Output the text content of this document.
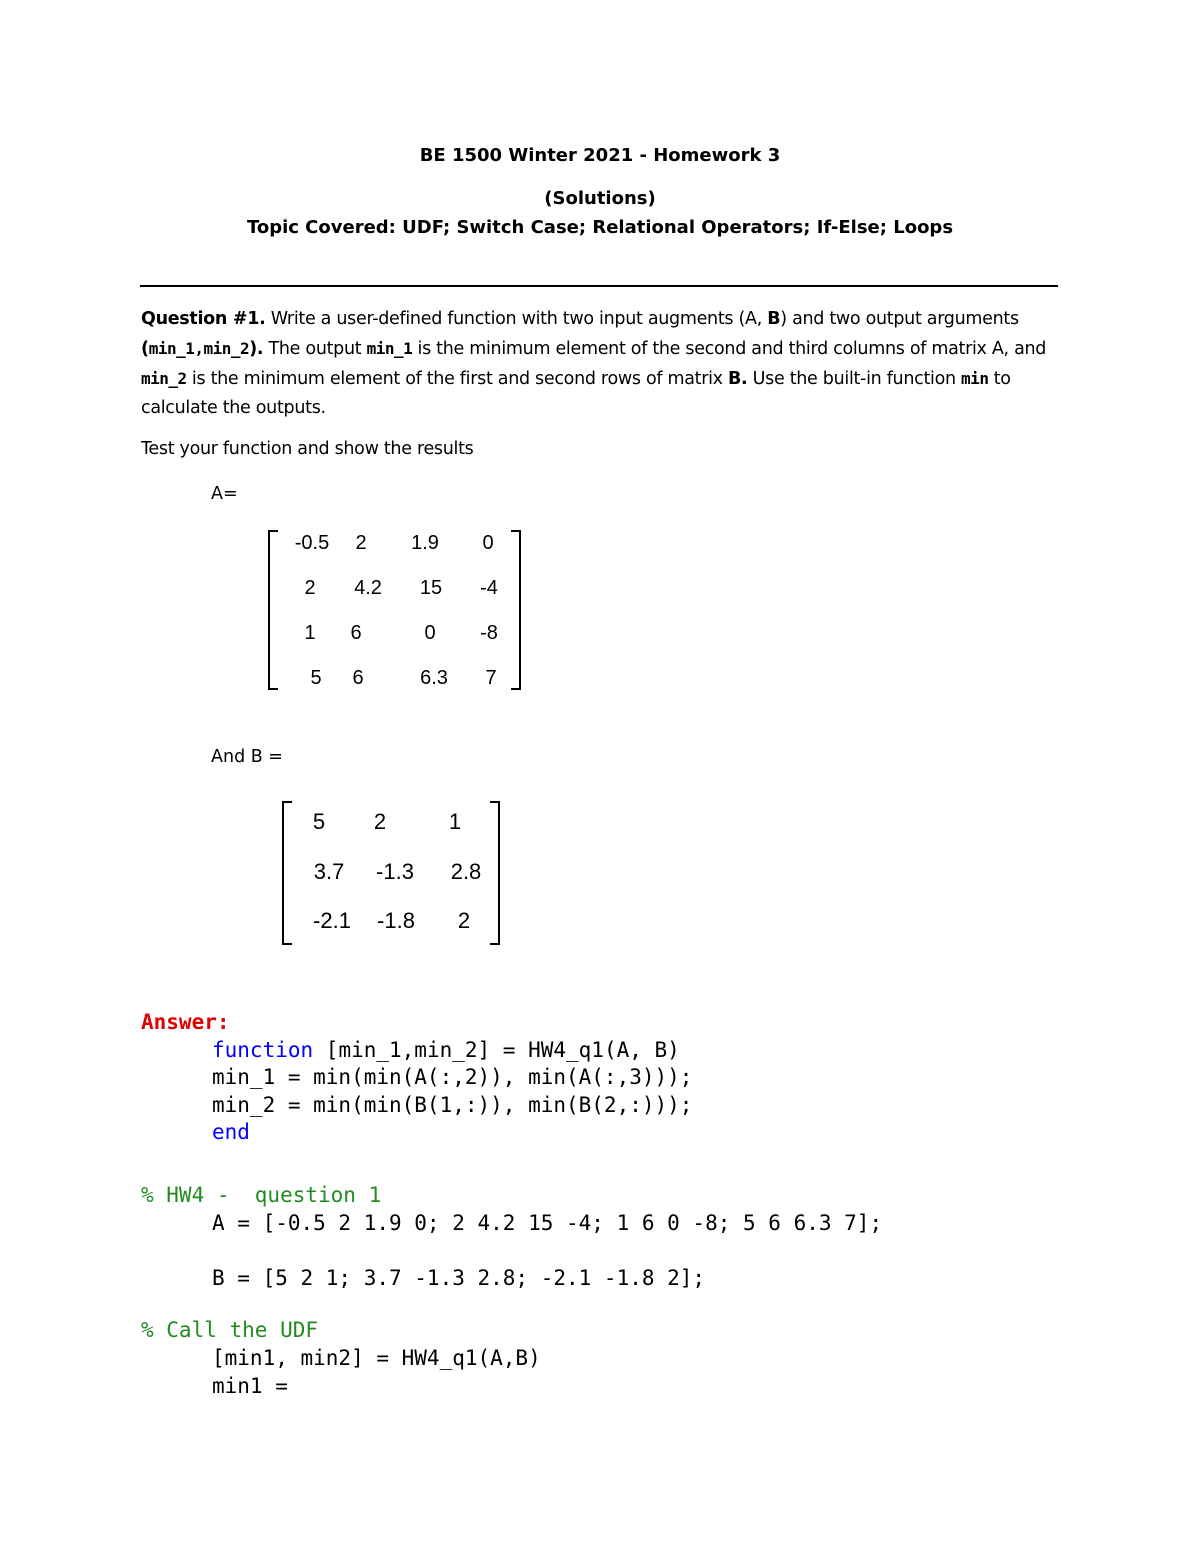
BE 1500 Winter 2021 - Homework 3
(Solutions)
Topic Covered: UDF; Switch Case; Relational Operators; If-Else; Loops
Question #1. Write a user-defined function with two input augments (A, B) and two output arguments (min_1,min_2). The output min_1 is the minimum element of the second and third columns of matrix A, and min_2 is the minimum element of the first and second rows of matrix B. Use the built-in function min to calculate the outputs.
Test your function and show the results
A=
-0.5	2	1.9	0
2	4.2	15	-4
1	6	0	-8
5	6	6.3	7
And B =
5	2	1
3.7	-1.3	2.8
-2.1	-1.8	2
Answer:
function [min_1,min_2] = HW4_q1(A, B)
min_1 = min(min(A(:,2)), min(A(:,3)));
min_2 = min(min(B(1,:)), min(B(2,:)));
end
% HW4 -  question 1
A = [-0.5 2 1.9 0; 2 4.2 15 -4; 1 6 0 -8; 5 6 6.3 7];
B = [5 2 1; 3.7 -1.3 2.8; -2.1 -1.8 2];
% Call the UDF
[min1, min2] = HW4_q1(A,B)
min1 =
